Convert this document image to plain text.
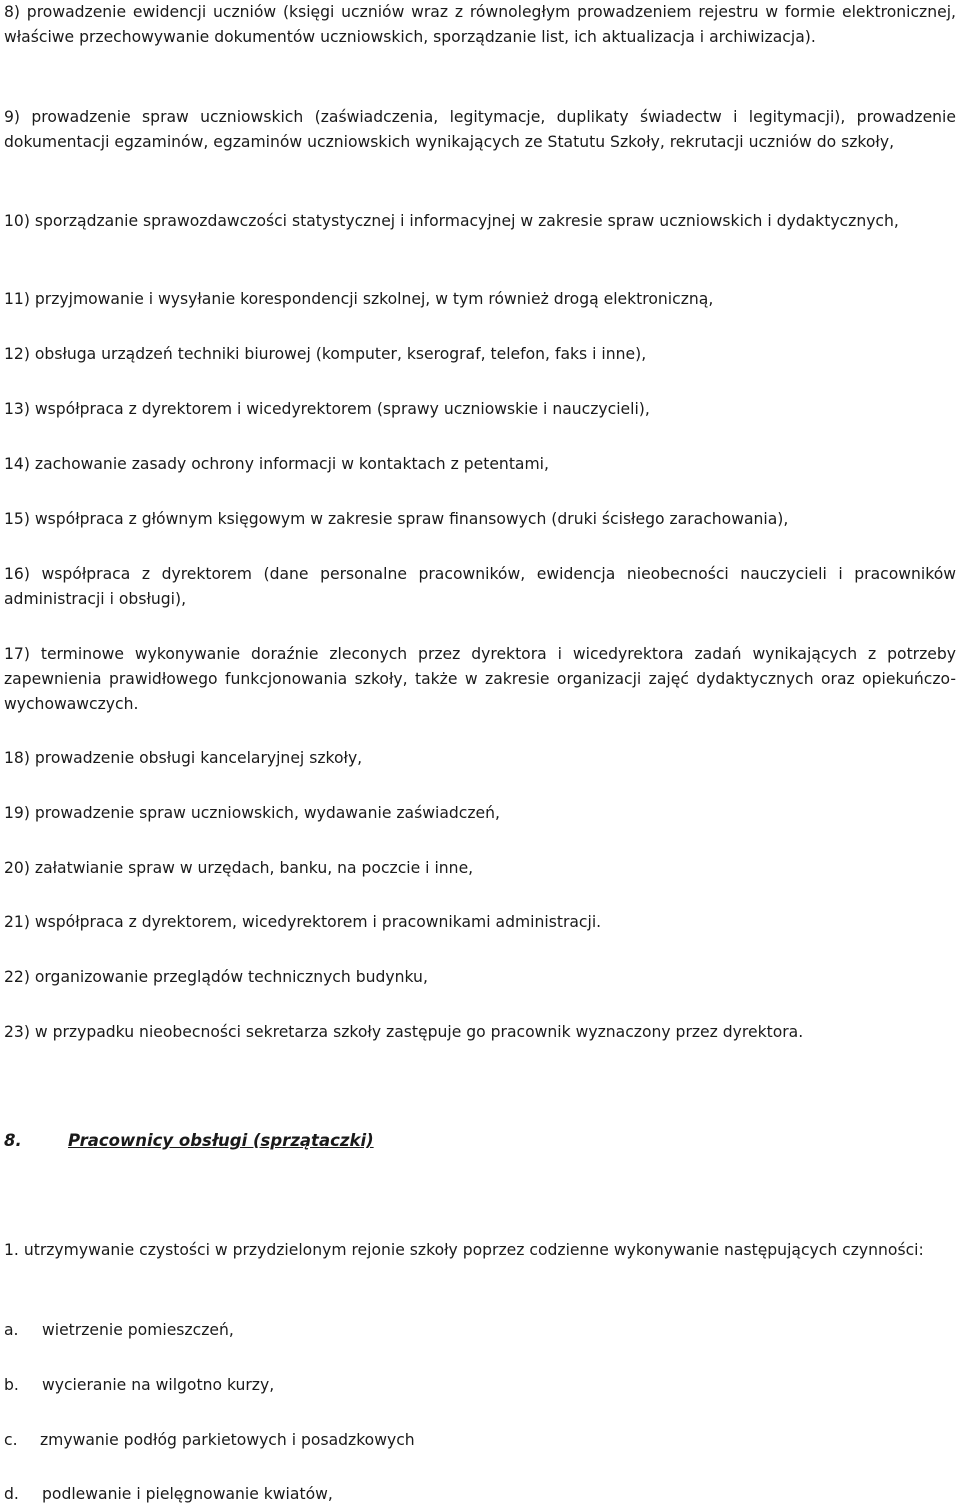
8) prowadzenie ewidencji uczniów (księgi uczniów wraz z równoległym prowadzeniem rejestru w formie elektronicznej, właściwe przechowywanie dokumentów uczniowskich, sporządzanie list, ich aktualizacja i archiwizacja).

9) prowadzenie spraw uczniowskich (zaświadczenia, legitymacje, duplikaty świadectw i legitymacji), prowadzenie dokumentacji egzaminów, egzaminów uczniowskich wynikających ze Statutu Szkoły, rekrutacji uczniów do szkoły,

10) sporządzanie sprawozdawczości statystycznej i informacyjnej w zakresie spraw uczniowskich i dydaktycznych,

11) przyjmowanie i wysyłanie korespondencji szkolnej, w tym również drogą elektroniczną,

12) obsługa urządzeń techniki biurowej (komputer, kserograf, telefon, faks i inne),

13) współpraca z dyrektorem i wicedyrektorem (sprawy uczniowskie i nauczycieli),

14) zachowanie zasady ochrony informacji w kontaktach z petentami,

15) współpraca z głównym księgowym w zakresie spraw finansowych (druki ścisłego zarachowania),

16) współpraca z dyrektorem (dane personalne pracowników, ewidencja nieobecności nauczycieli i pracowników administracji i obsługi),

17) terminowe wykonywanie doraźnie zleconych przez dyrektora i wicedyrektora zadań wynikających z potrzeby zapewnienia prawidłowego funkcjonowania szkoły, także w zakresie organizacji zajęć dydaktycznych oraz opiekuńczo- wychowawczych.

18) prowadzenie obsługi kancelaryjnej szkoły,

19) prowadzenie spraw uczniowskich, wydawanie zaświadczeń,

20) załatwianie spraw w urzędach, banku, na poczcie i inne,

21) współpraca z dyrektorem, wicedyrektorem i pracownikami administracji.

22) organizowanie przeglądów technicznych budynku,

23) w przypadku nieobecności sekretarza szkoły zastępuje go pracownik wyznaczony przez dyrektora.

8.	Pracownicy obsługi (sprzątaczki)

1. utrzymywanie czystości w przydzielonym rejonie szkoły poprzez codzienne wykonywanie następujących czynności:

a. wietrzenie pomieszczeń,

b. wycieranie na wilgotno kurzy,

c. zmywanie podłóg parkietowych i posadzkowych

d. podlewanie i pielęgnowanie kwiatów,
